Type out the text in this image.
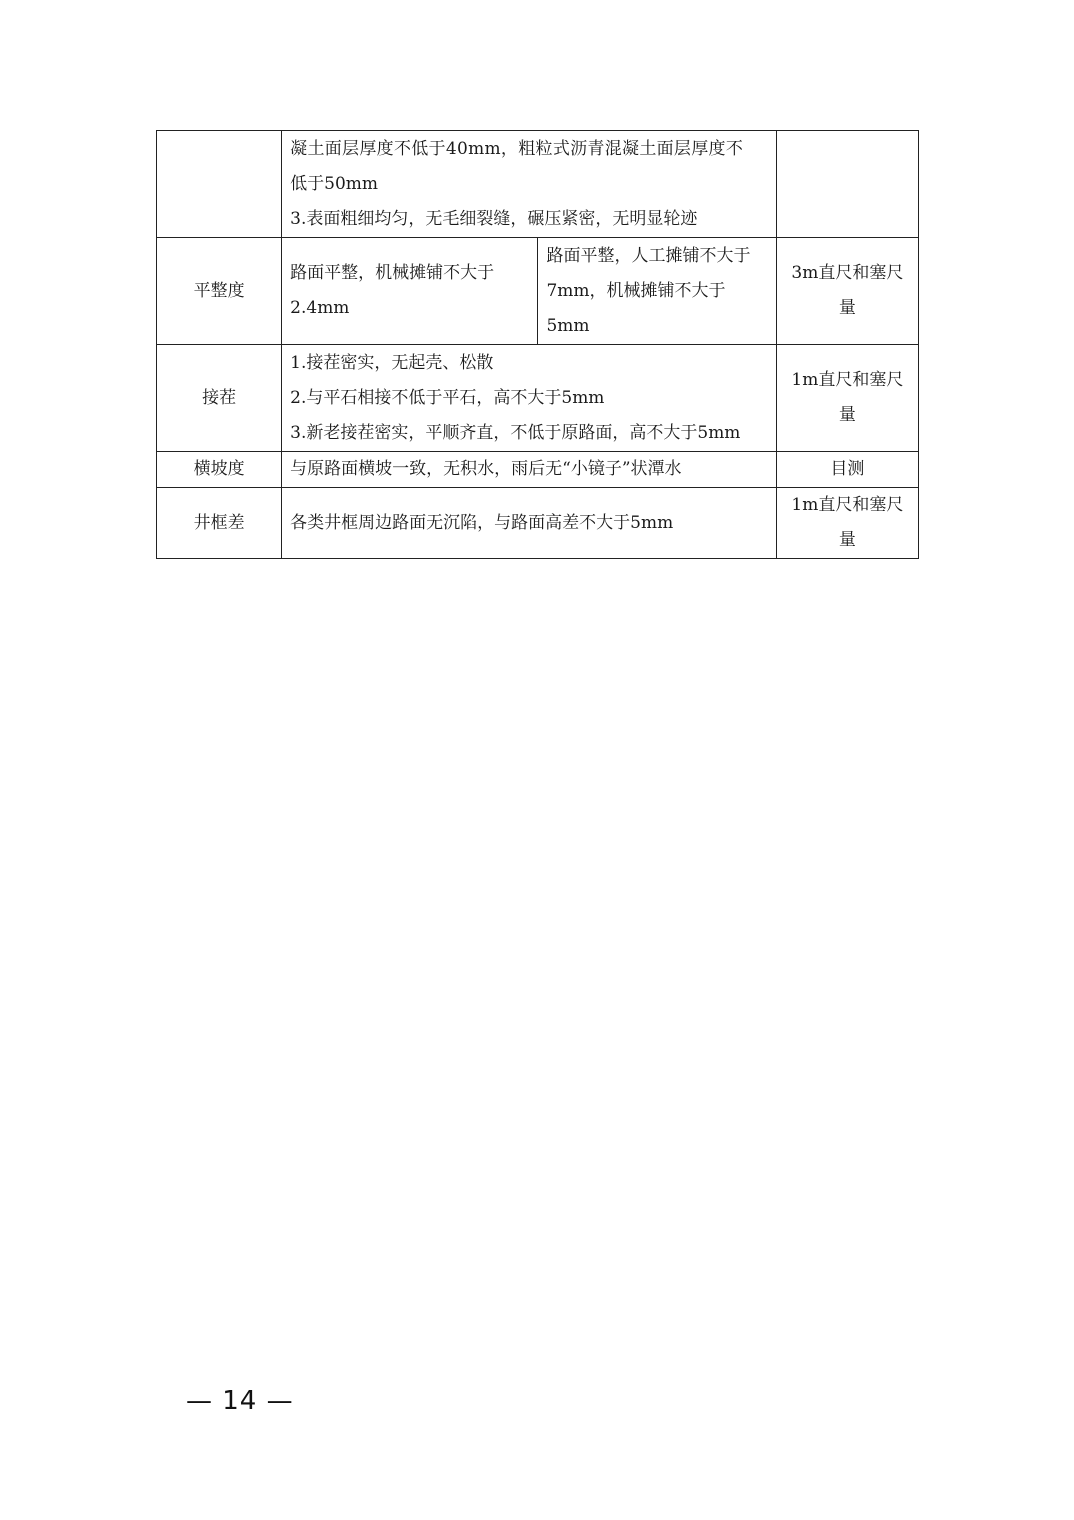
	凝土面层厚度不低于40mm，粗粒式沥青混凝土面层厚度不
低于50mm
3.表面粗细均匀，无毛细裂缝，碾压紧密，无明显轮迹		

平整度	路面平整，机械摊铺不大于
2.4mm	路面平整，人工摊铺不大于
7mm，机械摊铺不大于
5mm	3m直尺和塞尺
量

接茬	1.接茬密实，无起壳、松散
2.与平石相接不低于平石，高不大于5mm
3.新老接茬密实，平顺齐直，不低于原路面，高不大于5mm		1m直尺和塞尺
量

横坡度	与原路面横坡一致，无积水，雨后无“小镜子”状潭水		目测

井框差	各类井框周边路面无沉陷，与路面高差不大于5mm		1m直尺和塞尺
量
— 14 —
